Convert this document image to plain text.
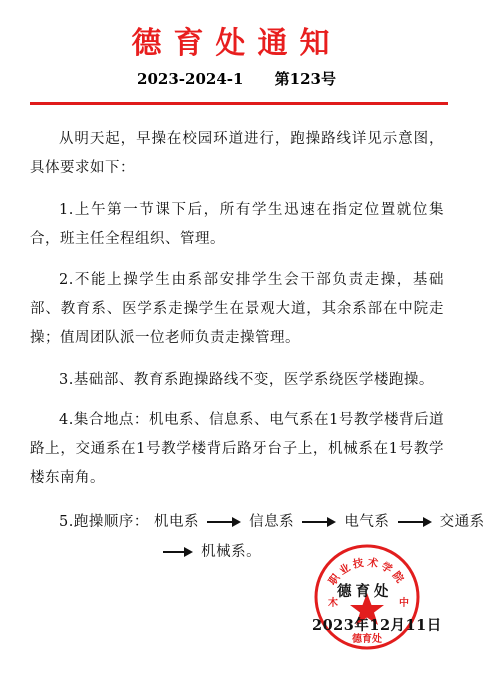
德育处通知
2023-2024-1 第123号

从明天起，早操在校园环道进行，跑操路线详见示意图，具体要求如下：

1.上午第一节课下后，所有学生迅速在指定位置就位集合，班主任全程组织、管理。

2.不能上操学生由系部安排学生会干部负责走操，基础部、教育系、医学系走操学生在景观大道，其余系部在中院走操；值周团队派一位老师负责走操管理。

3.基础部、教育系跑操路线不变，医学系绕医学楼跑操。

4.集合地点：机电系、信息系、电气系在1号教学楼背后道路上，交通系在1号教学楼背后路牙台子上，机械系在1号教学楼东南角。

5.跑操顺序： 机电系	信息系	电气系	交通系
机械系。
职业技术学院
木	中
德育处
德育处
2023年12月11日
